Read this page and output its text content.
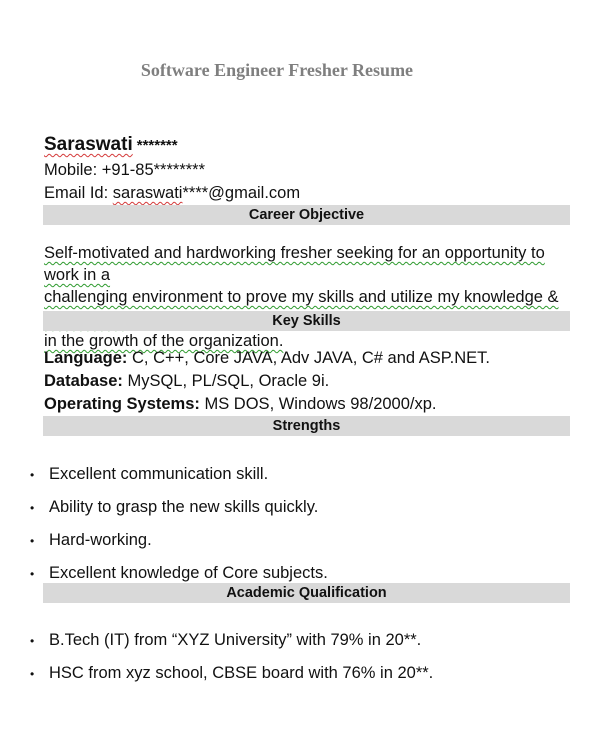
Software Engineer Fresher Resume
Saraswati *******
Mobile: +91-85********
Email Id: saraswati****@gmail.com
Career Objective
Self-motivated and hardworking fresher seeking for an opportunity to work in a
challenging environment to prove my skills and utilize my knowledge &
in the growth of the organization.
Key Skills
Language: C, C++, Core JAVA, Adv JAVA, C# and ASP.NET.
Database: MySQL, PL/SQL, Oracle 9i.
Operating Systems: MS DOS, Windows 98/2000/xp.
Strengths
• Excellent communication skill.
• Ability to grasp the new skills quickly.
• Hard-working.
• Excellent knowledge of Core subjects.
Academic Qualification
• B.Tech (IT) from “XYZ University” with 79% in 20**.
• HSC from xyz school, CBSE board with 76% in 20**.
